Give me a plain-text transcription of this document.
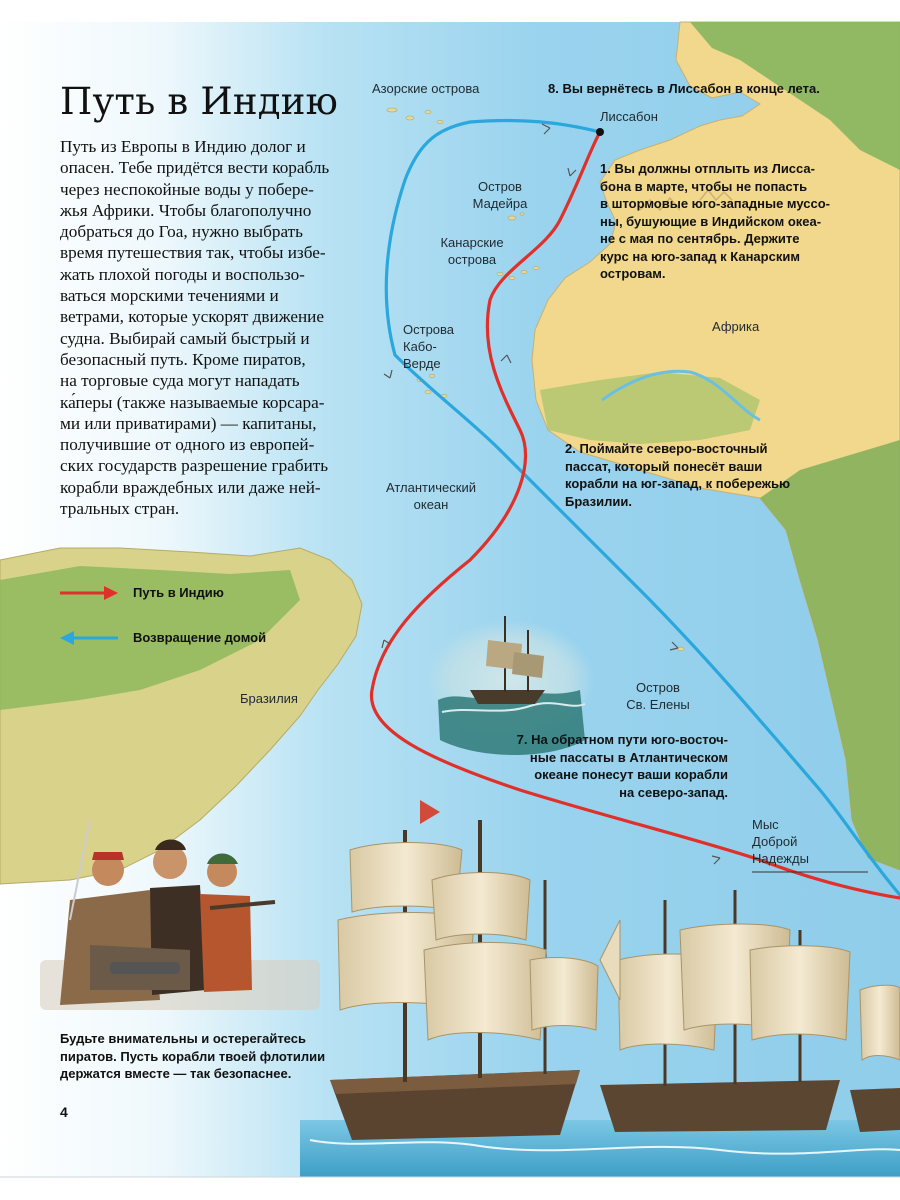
Путь в Индию
Путь из Европы в Индию долог и
опасен. Тебе придётся вести корабль
через неспокойные воды у побере-
жья Африки. Чтобы благополучно
добраться до Гоа, нужно выбрать
время путешествия так, чтобы избе-
жать плохой погоды и воспользо-
ваться морскими течениями и
ветрами, которые ускорят движение
судна. Выбирай самый быстрый и
безопасный путь. Кроме пиратов,
на торговые суда могут нападать
ка́перы (также называемые корсара-
ми или приватирами) — капитаны,
получившие от одного из европей-
ских государств разрешение грабить
корабли враждебных или даже ней-
тральных стран.
Путь в Индию
Возвращение домой
Азорские острова
Лиссабон
Остров
Мадейра
Канарские
острова
Африка
Острова
Кабо-
Верде
Атлантический
океан
Бразилия
Остров
Св. Елены
Мыс
Доброй
Надежды
8. Вы вернётесь в Лиссабон в конце лета.
1. Вы должны отплыть из Лисса-
бона в марте, чтобы не попасть
в штормовые юго-западные муссо-
ны, бушующие в Индийском океа-
не с мая по сентябрь. Держите
курс на юго-запад к Канарским
островам.
2. Поймайте северо-восточный
пассат, который понесёт ваши
корабли на юг-запад, к побережью
Бразилии.
7. На обратном пути юго-восточ-
ные пассаты в Атлантическом
океане понесут ваши корабли
на северо-запад.
Будьте внимательны и остерегайтесь
пиратов. Пусть корабли твоей флотилии
держатся вместе — так безопаснее.
4
